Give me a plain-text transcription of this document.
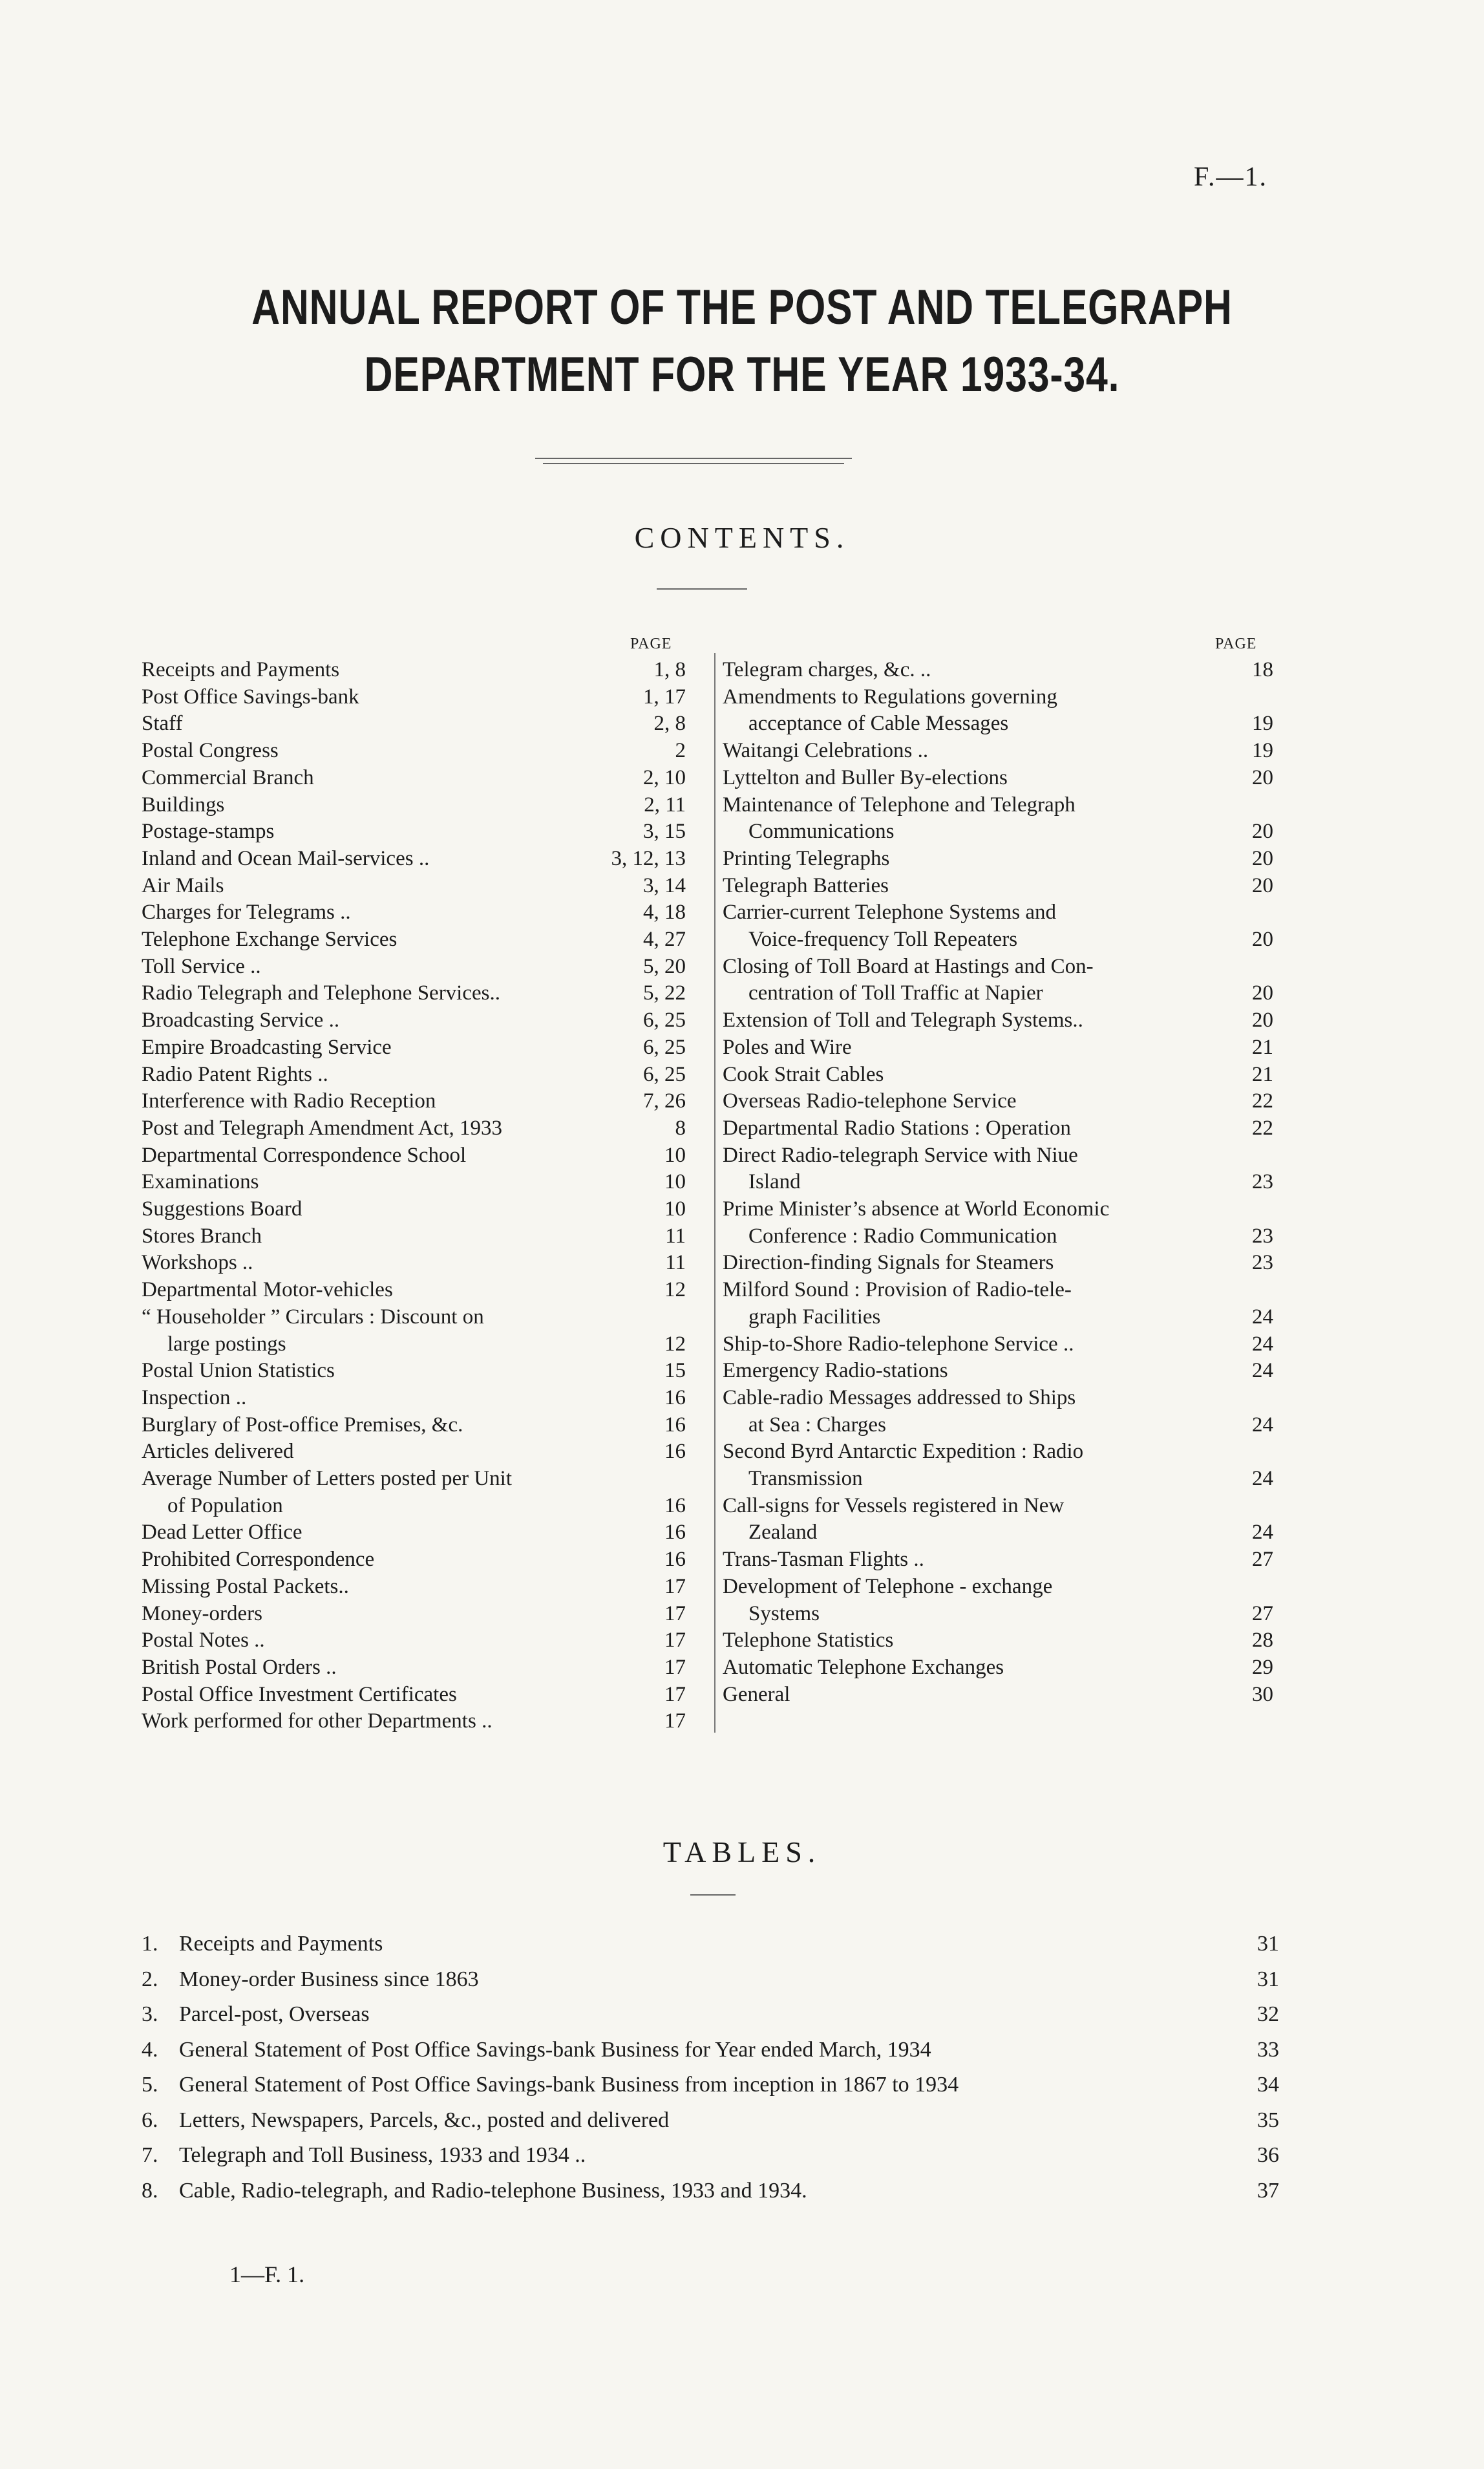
F.—1.
ANNUAL REPORT OF THE POST AND TELEGRAPH
DEPARTMENT FOR THE YEAR 1933-34.
CONTENTS.
PAGE	PAGE
Receipts and Payments	1, 8
Post Office Savings-bank	1, 17
Staff	2, 8
Postal Congress	2
Commercial Branch	2, 10
Buildings	2, 11
Postage-stamps	3, 15
Inland and Ocean Mail-services ..	3, 12, 13
Air Mails	3, 14
Charges for Telegrams ..	4, 18
Telephone Exchange Services	4, 27
Toll Service ..	5, 20
Radio Telegraph and Telephone Services..	5, 22
Broadcasting Service ..	6, 25
Empire Broadcasting Service	6, 25
Radio Patent Rights ..	6, 25
Interference with Radio Reception	7, 26
Post and Telegraph Amendment Act, 1933	8
Departmental Correspondence School	10
Examinations	10
Suggestions Board	10
Stores Branch	11
Workshops ..	11
Departmental Motor-vehicles	12
“ Householder ” Circulars : Discount on
large postings	12
Postal Union Statistics	15
Inspection ..	16
Burglary of Post-office Premises, &c.	16
Articles delivered	16
Average Number of Letters posted per Unit
of Population	16
Dead Letter Office	16
Prohibited Correspondence	16
Missing Postal Packets..	17
Money-orders	17
Postal Notes ..	17
British Postal Orders ..	17
Postal Office Investment Certificates	17
Work performed for other Departments ..	17
Telegram charges, &c. ..	18
Amendments to Regulations governing
acceptance of Cable Messages	19
Waitangi Celebrations ..	19
Lyttelton and Buller By-elections	20
Maintenance of Telephone and Telegraph
Communications	20
Printing Telegraphs	20
Telegraph Batteries	20
Carrier-current Telephone Systems and
Voice-frequency Toll Repeaters	20
Closing of Toll Board at Hastings and Con-
centration of Toll Traffic at Napier	20
Extension of Toll and Telegraph Systems..	20
Poles and Wire	21
Cook Strait Cables	21
Overseas Radio-telephone Service	22
Departmental Radio Stations : Operation	22
Direct Radio-telegraph Service with Niue
Island	23
Prime Minister’s absence at World Economic
Conference : Radio Communication	23
Direction-finding Signals for Steamers	23
Milford Sound : Provision of Radio-tele-
graph Facilities	24
Ship-to-Shore Radio-telephone Service ..	24
Emergency Radio-stations	24
Cable-radio Messages addressed to Ships
at Sea : Charges	24
Second Byrd Antarctic Expedition : Radio
Transmission	24
Call-signs for Vessels registered in New
Zealand	24
Trans-Tasman Flights ..	27
Development of Telephone - exchange
Systems	27
Telephone Statistics	28
Automatic Telephone Exchanges	29
General	30
TABLES.
1. Receipts and Payments	31
2. Money-order Business since 1863	31
3. Parcel-post, Overseas	32
4. General Statement of Post Office Savings-bank Business for Year ended March, 1934	33
5. General Statement of Post Office Savings-bank Business from inception in 1867 to 1934	34
6. Letters, Newspapers, Parcels, &c., posted and delivered	35
7. Telegraph and Toll Business, 1933 and 1934 ..	36
8. Cable, Radio-telegraph, and Radio-telephone Business, 1933 and 1934.	37
1—F. 1.
